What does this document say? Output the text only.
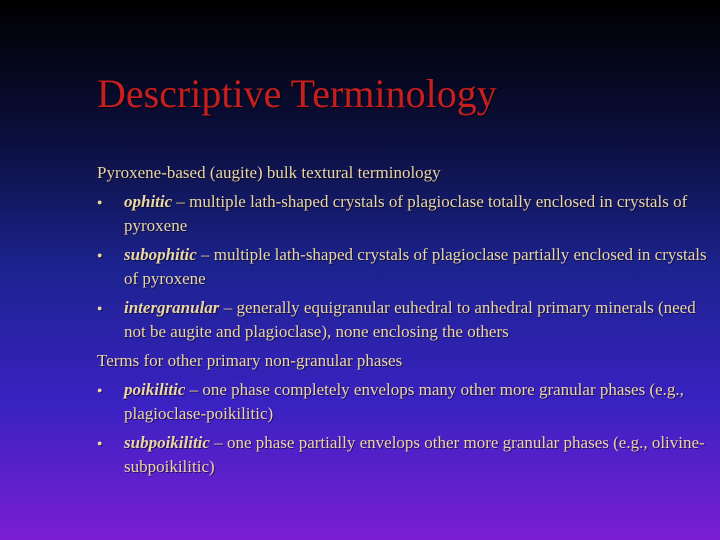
Descriptive Terminology
Pyroxene-based (augite) bulk textural terminology
● ophitic – multiple lath-shaped crystals of plagioclase totally enclosed in crystals of pyroxene
● subophitic – multiple lath-shaped crystals of plagioclase partially enclosed in crystals of pyroxene
● intergranular – generally equigranular euhedral to anhedral primary minerals (need not be augite and plagioclase), none enclosing the others
Terms for other primary non-granular phases
● poikilitic – one phase completely envelops many other more granular phases (e.g., plagioclase-poikilitic)
● subpoikilitic – one phase partially envelops other more granular phases (e.g., olivine-subpoikilitic)
